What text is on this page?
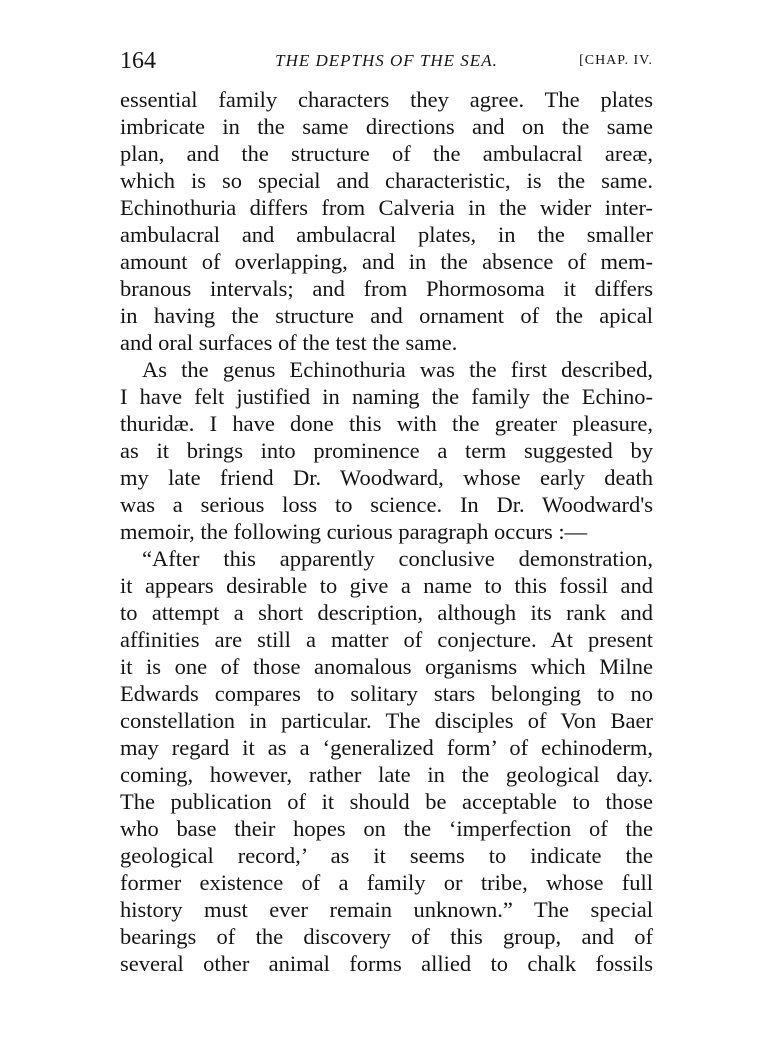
164	THE DEPTHS OF THE SEA.	[CHAP. IV.
essential family characters they agree. The plates
imbricate in the same directions and on the same
plan, and the structure of the ambulacral areæ,
which is so special and characteristic, is the same.
Echinothuria differs from Calveria in the wider inter-
ambulacral and ambulacral plates, in the smaller
amount of overlapping, and in the absence of mem-
branous intervals; and from Phormosoma it differs
in having the structure and ornament of the apical
and oral surfaces of the test the same.
As the genus Echinothuria was the first described,
I have felt justified in naming the family the Echino-
thuridæ. I have done this with the greater pleasure,
as it brings into prominence a term suggested by
my late friend Dr. Woodward, whose early death
was a serious loss to science. In Dr. Woodward's
memoir, the following curious paragraph occurs :—
“After this apparently conclusive demonstration,
it appears desirable to give a name to this fossil and
to attempt a short description, although its rank and
affinities are still a matter of conjecture. At present
it is one of those anomalous organisms which Milne
Edwards compares to solitary stars belonging to no
constellation in particular. The disciples of Von Baer
may regard it as a ‘generalized form’ of echinoderm,
coming, however, rather late in the geological day.
The publication of it should be acceptable to those
who base their hopes on the ‘imperfection of the
geological record,’ as it seems to indicate the
former existence of a family or tribe, whose full
history must ever remain unknown.” The special
bearings of the discovery of this group, and of
several other animal forms allied to chalk fossils
